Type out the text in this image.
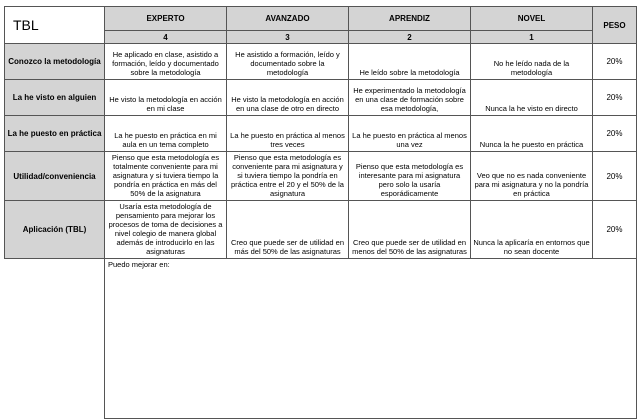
TBL	EXPERTO	AVANZADO	APRENDIZ	NOVEL	PESO
	4	3	2	1	
Conozco la metodología	He aplicado en clase, asistido a formación, leído y documentado sobre la metodología	He asistido a formación, leído y documentado sobre la metodología	He leído sobre la metodología	No he leído nada de la metodología	20%
La he visto en alguien	He visto la metodología en acción en mi clase	He visto la metodología en acción en una clase de otro en directo	He experimentado la metodología en una clase de formación sobre esa metodología,	Nunca la he visto en directo	20%
La he puesto en práctica	La he puesto en práctica en mi aula en un tema completo	La he puesto en práctica al menos tres veces	La he puesto en práctica al menos una vez	Nunca la he puesto en práctica	20%
Utilidad/conveniencia	Pienso que esta metodología es totalmente conveniente para mi asignatura y si tuviera tiempo la pondría en práctica en más del 50% de la asignatura	Pienso que esta metodología es conveniente para mi asignatura y si tuviera tiempo la pondría en práctica entre el 20 y el 50% de la asignatura	Pienso que esta metodología es interesante para mi asignatura pero solo la usaría esporádicamente	Veo que no es nada conveniente para mi asignatura y no la pondría en práctica	20%
Aplicación (TBL)	Usaría esta metodología de pensamiento para mejorar los procesos de toma de decisiones a nivel colegio de manera global además de introducirlo en las asignaturas	Creo que puede ser de utilidad en más del 50% de las asignaturas	Creo que puede ser de utilidad en menos del 50% de las asignaturas	Nunca la aplicaría en entornos que no sean docente	20%
	Puedo mejorar en:				
